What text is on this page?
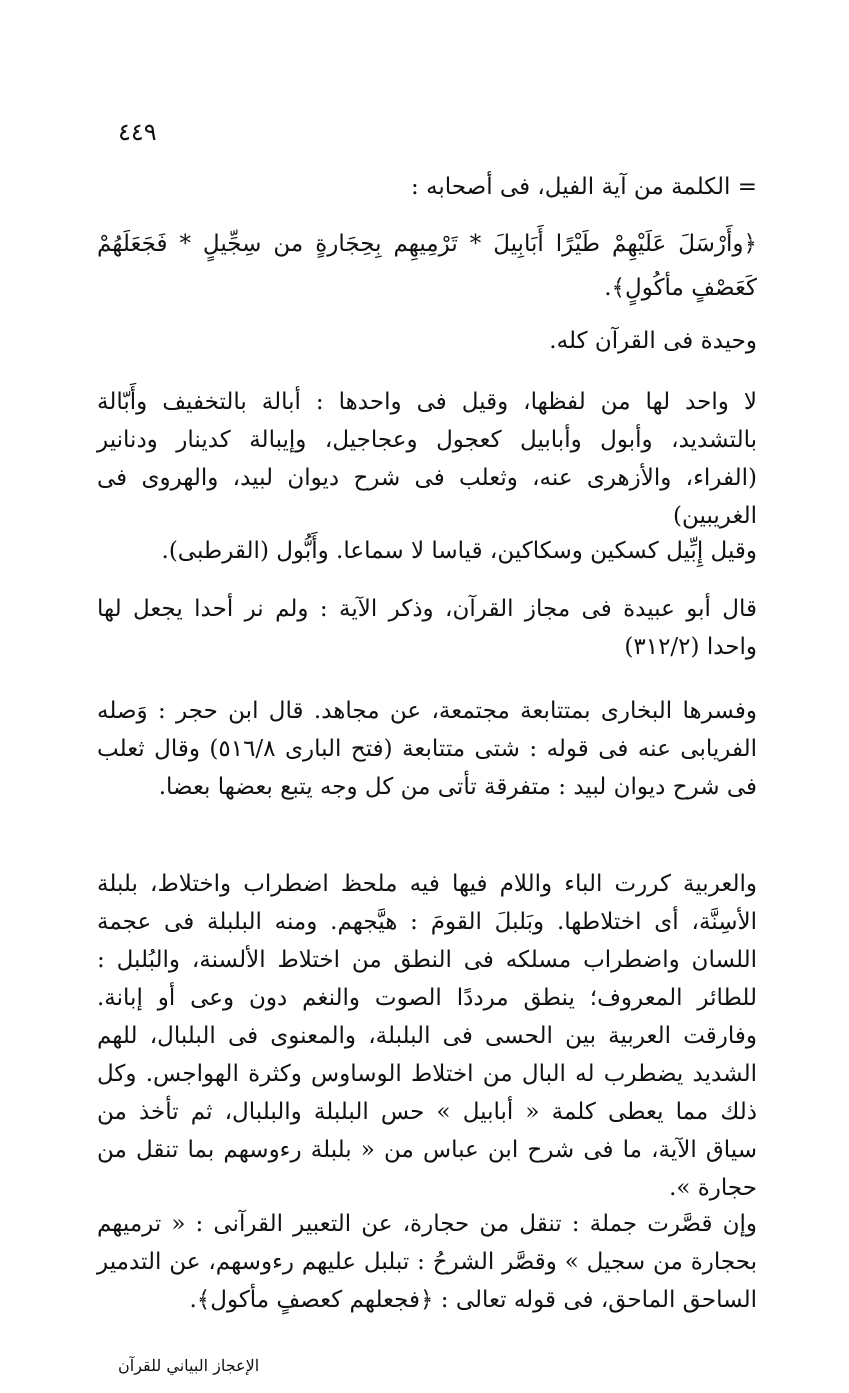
٤٤٩
= الكلمة من آية الفيل، فى أصحابه :
﴿وأَرْسَلَ عَلَيْهِمْ طَيْرًا أَبَابِيلَ * تَرْمِيهِم بِحِجَارةٍ من سِجِّيلٍ * فَجَعَلَهُمْ كَعَصْفٍ مأكُولٍ﴾.
وحيدة فى القرآن كله.
لا واحد لها من لفظها، وقيل فى واحدها : أبالة بالتخفيف وأَبّالة بالتشديد، وأبول وأبابيل كعجول وعجاجيل، وإيبالة كدينار ودنانير (الفراء، والأزهرى عنه، وثعلب فى شرح ديوان لبيد، والهروى فى الغريبين)
وقيل إِبِّيل كسكين وسكاكين، قياسا لا سماعا. وأَبُّول (القرطبى).
قال أبو عبيدة فى مجاز القرآن، وذكر الآية : ولم نر أحدا يجعل لها واحدا (٣١٢/٢)
وفسرها البخارى بمتتابعة مجتمعة، عن مجاهد. قال ابن حجر : وَصله الفريابى عنه فى قوله : شتى متتابعة (فتح البارى ٥١٦/٨) وقال ثعلب فى شرح ديوان لبيد : متفرقة تأتى من كل وجه يتبع بعضها بعضا.
والعربية كررت الباء واللام فيها فيه ملحظ اضطراب واختلاط، بلبلة الأسِنَّة، أى اختلاطها. وبَلبلَ القومَ : هيَّجهم. ومنه البلبلة فى عجمة اللسان واضطراب مسلكه فى النطق من اختلاط الألسنة، والبُلبل : للطائر المعروف؛ ينطق مرددًا الصوت والنغم دون وعى أو إبانة. وفارقت العربية بين الحسى فى البلبلة، والمعنوى فى البلبال، للهم الشديد يضطرب له البال من اختلاط الوساوس وكثرة الهواجس. وكل ذلك مما يعطى كلمة « أبابيل » حس البلبلة والبلبال، ثم تأخذ من سياق الآية، ما فى شرح ابن عباس من « بلبلة رءوسهم بما تنقل من حجارة ».
وإن قصَّرت جملة : تنقل من حجارة، عن التعبير القرآنى : « ترميهم بحجارة من سجيل » وقصَّر الشرحُ : تبلبل عليهم رءوسهم، عن التدمير الساحق الماحق، فى قوله تعالى : ﴿فجعلهم كعصفٍ مأكول﴾.
الإعجاز البياني للقرآن
